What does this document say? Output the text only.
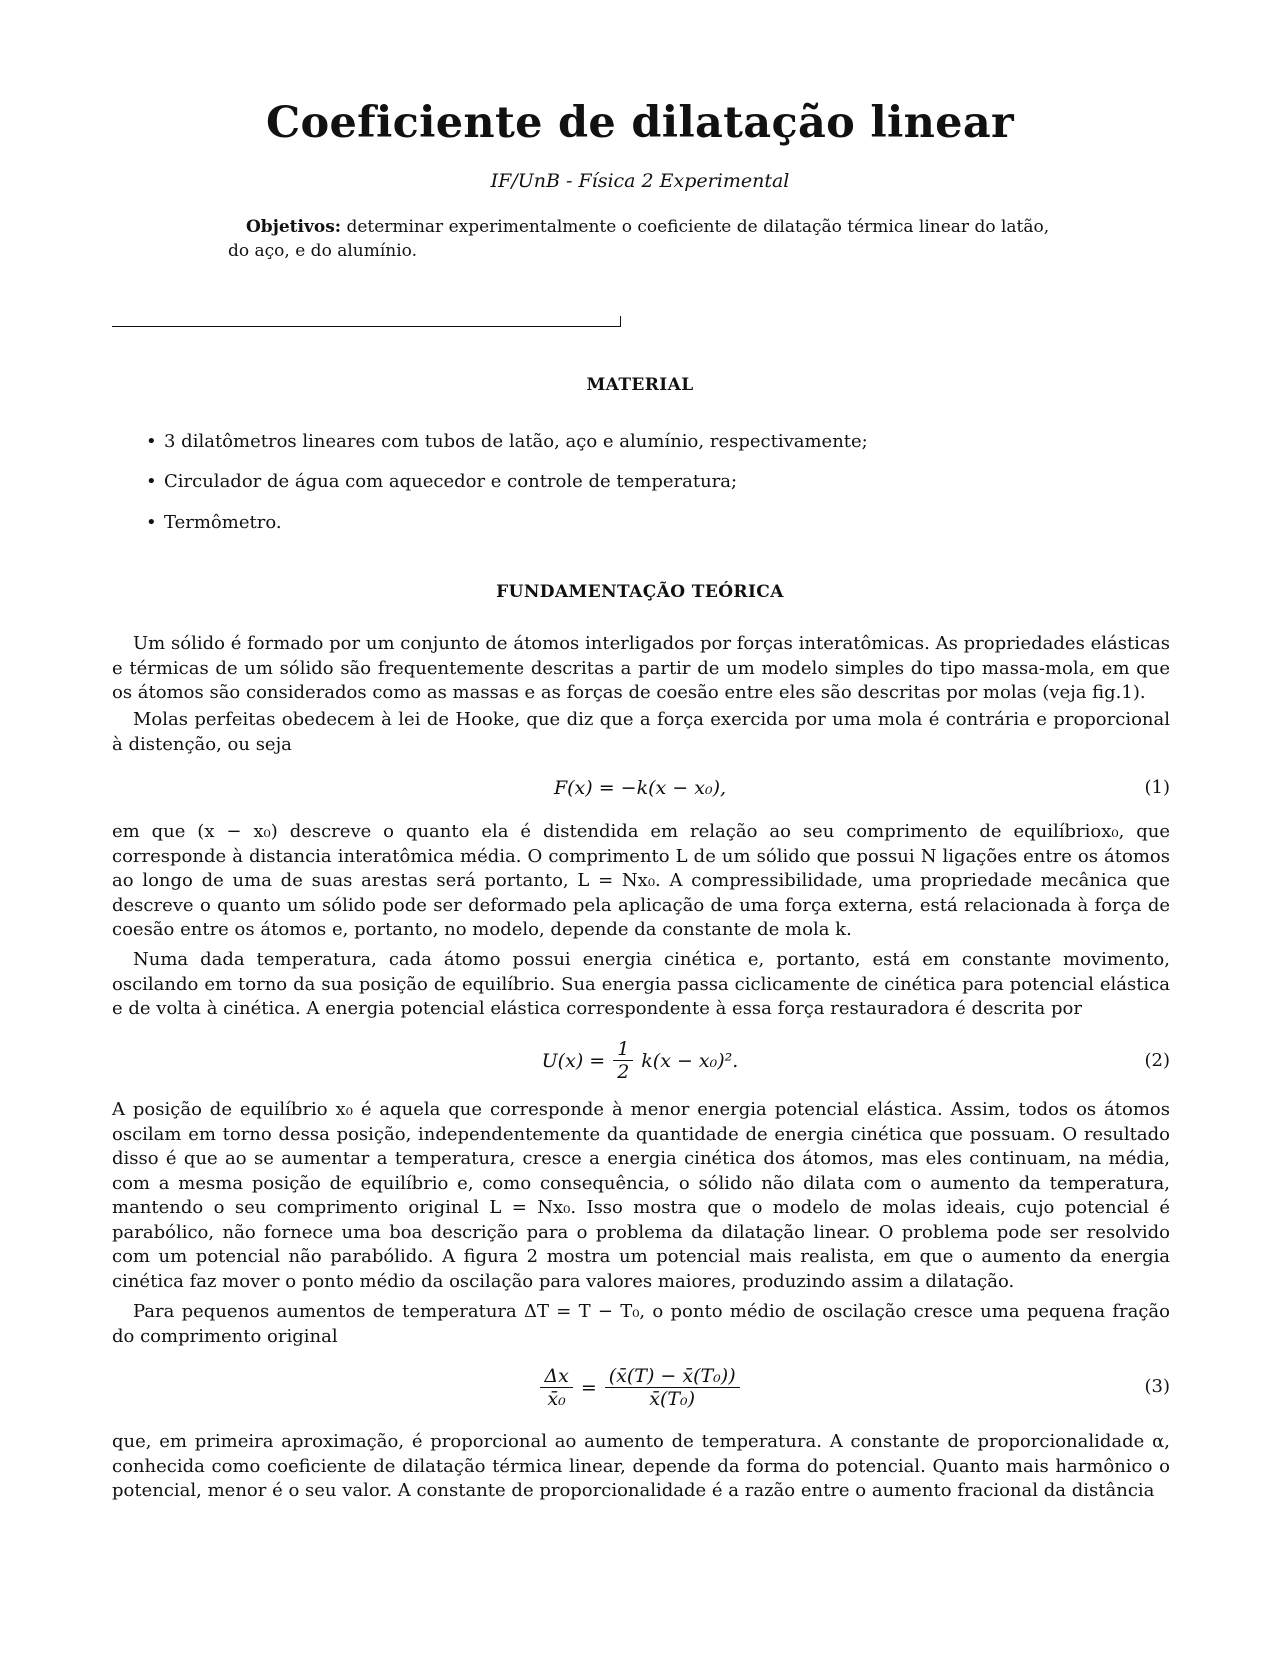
Coeficiente de dilatação linear
IF/UnB - Física 2 Experimental
Objetivos: determinar experimentalmente o coeficiente de dilatação térmica linear do latão, do aço, e do alumínio.
MATERIAL
• 3 dilatômetros lineares com tubos de latão, aço e alumínio, respectivamente;
• Circulador de água com aquecedor e controle de temperatura;
• Termômetro.
FUNDAMENTAÇÃO TEÓRICA
Um sólido é formado por um conjunto de átomos interligados por forças interatômicas. As propriedades elásticas e térmicas de um sólido são frequentemente descritas a partir de um modelo simples do tipo massa-mola, em que os átomos são considerados como as massas e as forças de coesão entre eles são descritas por molas (veja fig.1).
Molas perfeitas obedecem à lei de Hooke, que diz que a força exercida por uma mola é contrária e proporcional à distenção, ou seja
F(x) = −k(x − x₀),	(1)
em que (x − x₀) descreve o quanto ela é distendida em relação ao seu comprimento de equilíbriox₀, que corresponde à distancia interatômica média. O comprimento L de um sólido que possui N ligações entre os átomos ao longo de uma de suas arestas será portanto, L = Nx₀. A compressibilidade, uma propriedade mecânica que descreve o quanto um sólido pode ser deformado pela aplicação de uma força externa, está relacionada à força de coesão entre os átomos e, portanto, no modelo, depende da constante de mola k.
Numa dada temperatura, cada átomo possui energia cinética e, portanto, está em constante movimento, oscilando em torno da sua posição de equilíbrio. Sua energia passa ciclicamente de cinética para potencial elástica e de volta à cinética. A energia potencial elástica correspondente à essa força restauradora é descrita por
$U(x) = \frac{1}{2} k(x - x_0)^2$.	(2)
A posição de equilíbrio x₀ é aquela que corresponde à menor energia potencial elástica. Assim, todos os átomos oscilam em torno dessa posição, independentemente da quantidade de energia cinética que possuam. O resultado disso é que ao se aumentar a temperatura, cresce a energia cinética dos átomos, mas eles continuam, na média, com a mesma posição de equilíbrio e, como consequência, o sólido não dilata com o aumento da temperatura, mantendo o seu comprimento original L = Nx₀. Isso mostra que o modelo de molas ideais, cujo potencial é parabólico, não fornece uma boa descrição para o problema da dilatação linear. O problema pode ser resolvido com um potencial não parabólido. A figura 2 mostra um potencial mais realista, em que o aumento da energia cinética faz mover o ponto médio da oscilação para valores maiores, produzindo assim a dilatação.
Para pequenos aumentos de temperatura ΔT = T − T₀, o ponto médio de oscilação cresce uma pequena fração do comprimento original
$\frac{\Delta x}{\text{x̄₀}} = \frac{\text{(x̄(T) − x̄(T₀))}}{\text{x̄(T₀)}}$	(3)
que, em primeira aproximação, é proporcional ao aumento de temperatura. A constante de proporcionalidade α, conhecida como coeficiente de dilatação térmica linear, depende da forma do potencial. Quanto mais harmônico o potencial, menor é o seu valor. A constante de proporcionalidade é a razão entre o aumento fracional da distância
